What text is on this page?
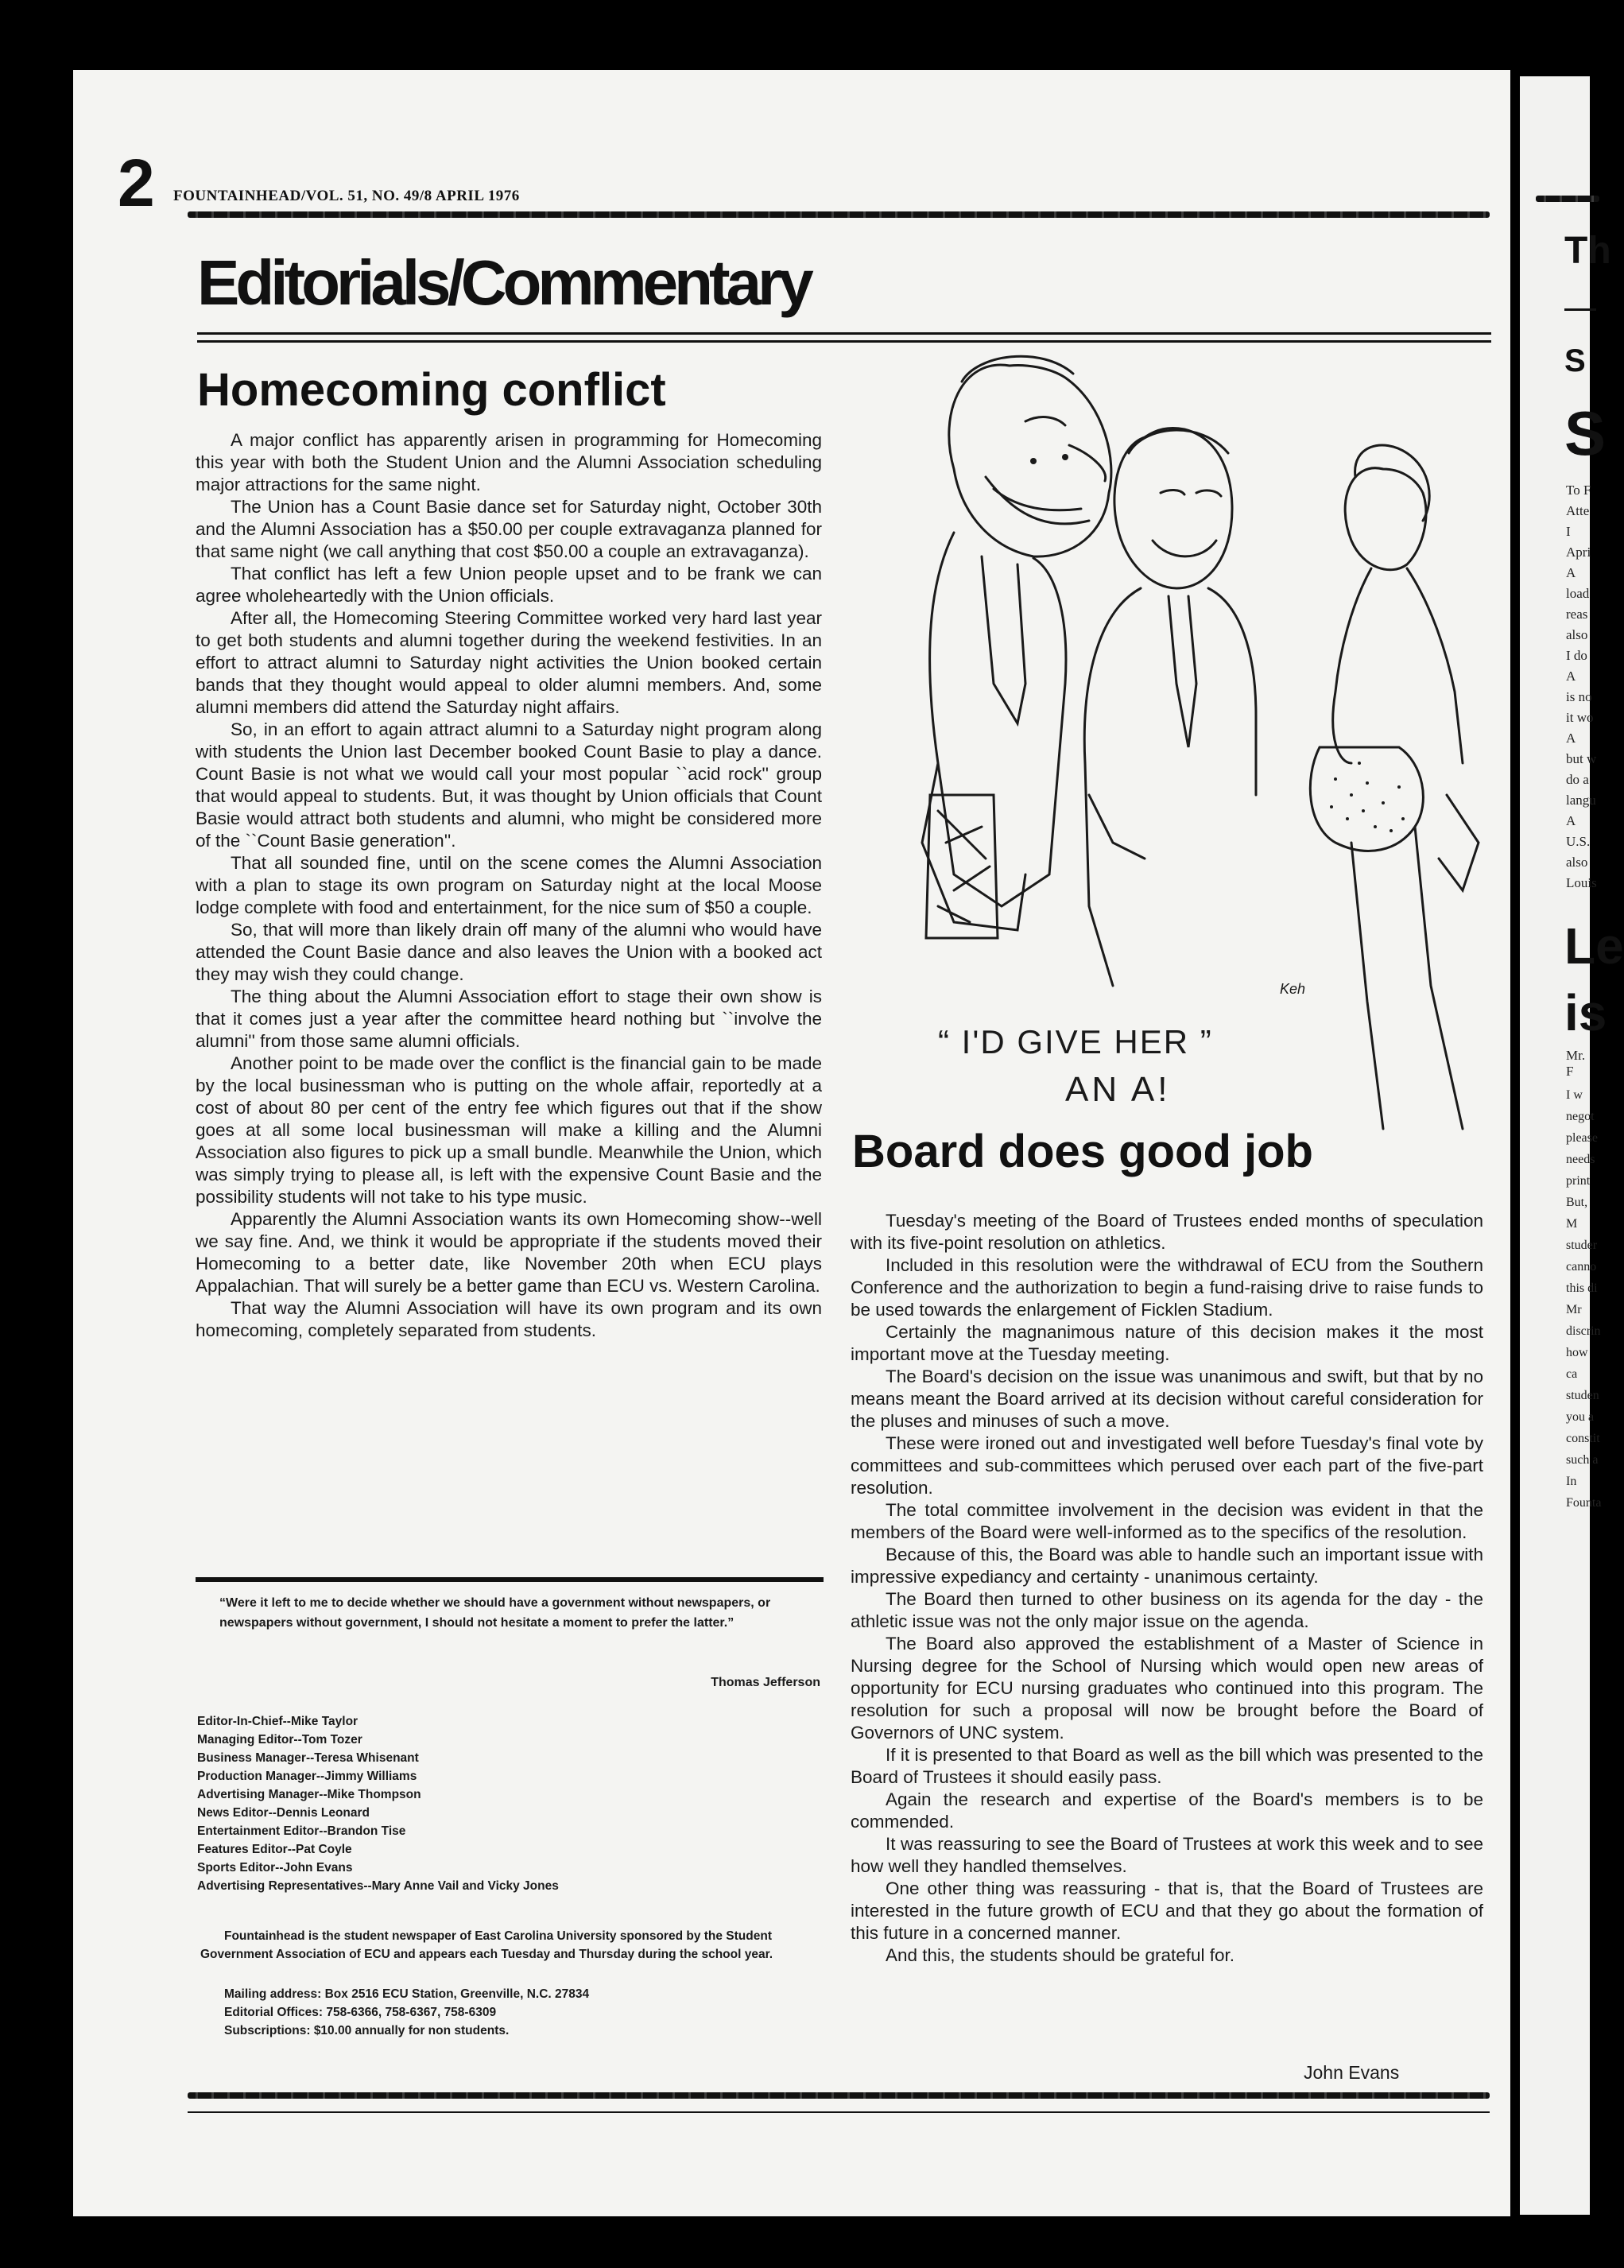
2 FOUNTAINHEAD/VOL. 51, NO. 49/8 APRIL 1976
Editorials/Commentary
Homecoming conflict

A major conflict has apparently arisen in programming for Homecoming this year with both the Student Union and the Alumni Association scheduling major attractions for the same night.

The Union has a Count Basie dance set for Saturday night, October 30th and the Alumni Association has a $50.00 per couple extravaganza planned for that same night (we call anything that cost $50.00 a couple an extravaganza).

That conflict has left a few Union people upset and to be frank we can agree wholeheartedly with the Union officials.

After all, the Homecoming Steering Committee worked very hard last year to get both students and alumni together during the weekend festivities. In an effort to attract alumni to Saturday night activities the Union booked certain bands that they thought would appeal to older alumni members. And, some alumni members did attend the Saturday night affairs.

So, in an effort to again attract alumni to a Saturday night program along with students the Union last December booked Count Basie to play a dance. Count Basie is not what we would call your most popular ``acid rock'' group that would appeal to students. But, it was thought by Union officials that Count Basie would attract both students and alumni, who might be considered more of the ``Count Basie generation''.

That all sounded fine, until on the scene comes the Alumni Association with a plan to stage its own program on Saturday night at the local Moose lodge complete with food and entertainment, for the nice sum of $50 a couple.

So, that will more than likely drain off many of the alumni who would have attended the Count Basie dance and also leaves the Union with a booked act they may wish they could change.

The thing about the Alumni Association effort to stage their own show is that it comes just a year after the committee heard nothing but ``involve the alumni'' from those same alumni officials.

Another point to be made over the conflict is the financial gain to be made by the local businessman who is putting on the whole affair, reportedly at a cost of about 80 per cent of the entry fee which figures out that if the show goes at all some local businessman will make a killing and the Alumni Association also figures to pick up a small bundle. Meanwhile the Union, which was simply trying to please all, is left with the expensive Count Basie and the possibility students will not take to his type music.

Apparently the Alumni Association wants its own Homecoming show--well we say fine. And, we think it would be appropriate if the students moved their Homecoming to a better date, like November 20th when ECU plays Appalachian. That will surely be a better game than ECU vs. Western Carolina.

That way the Alumni Association will have its own program and its own homecoming, completely separated from students.

“Were it left to me to decide whether we should have a government without newspapers, or newspapers without government, I should not hesitate a moment to prefer the latter.”
Thomas Jefferson
Editor-In-Chief--Mike Taylor
Managing Editor--Tom Tozer
Business Manager--Teresa Whisenant
Production Manager--Jimmy Williams
Advertising Manager--Mike Thompson
News Editor--Dennis Leonard
Entertainment Editor--Brandon Tise
Features Editor--Pat Coyle
Sports Editor--John Evans
Advertising Representatives--Mary Anne Vail and Vicky Jones
Fountainhead is the student newspaper of East Carolina University sponsored by the Student Government Association of ECU and appears each Tuesday and Thursday during the school year.
Mailing address: Box 2516 ECU Station, Greenville, N.C. 27834
Editorial Offices: 758-6366, 758-6367, 758-6309
Subscriptions: $10.00 annually for non students.
Keh
“ I'D GIVE HER ”
AN A!
Board does good job

Tuesday's meeting of the Board of Trustees ended months of speculation with its five-point resolution on athletics.

Included in this resolution were the withdrawal of ECU from the Southern Conference and the authorization to begin a fund-raising drive to raise funds to be used towards the enlargement of Ficklen Stadium.

Certainly the magnanimous nature of this decision makes it the most important move at the Tuesday meeting.

The Board's decision on the issue was unanimous and swift, but that by no means meant the Board arrived at its decision without careful consideration for the pluses and minuses of such a move.

These were ironed out and investigated well before Tuesday's final vote by committees and sub-committees which perused over each part of the five-part resolution.

The total committee involvement in the decision was evident in that the members of the Board were well-informed as to the specifics of the resolution.

Because of this, the Board was able to handle such an important issue with impressive expediancy and certainty - unanimous certainty.

The Board then turned to other business on its agenda for the day - the athletic issue was not the only major issue on the agenda.

The Board also approved the establishment of a Master of Science in Nursing degree for the School of Nursing which would open new areas of opportunity for ECU nursing graduates who continued into this program. The resolution for such a proposal will now be brought before the Board of Governors of UNC system.

If it is presented to that Board as well as the bill which was presented to the Board of Trustees it should easily pass.

Again the research and expertise of the Board's members is to be commended.

It was reassuring to see the Board of Trustees at work this week and to see how well they handled themselves.

One other thing was reassuring - that is, that the Board of Trustees are interested in the future growth of ECU and that they go about the formation of this future in a concerned manner.

And this, the students should be grateful for.

John Evans
Th
S
S
To F
Atte
I
Apri
A
load
reas
also
I do
A
is no
it wo
A
but w
do a
langu
A
U.S.
also
Louis
Le
is
Mr. F
I w
negot
please
needs
print
But, M
studer
canno
this di
Mr
discrin
how ca
studen
you a
constit
such a
In
Founta
